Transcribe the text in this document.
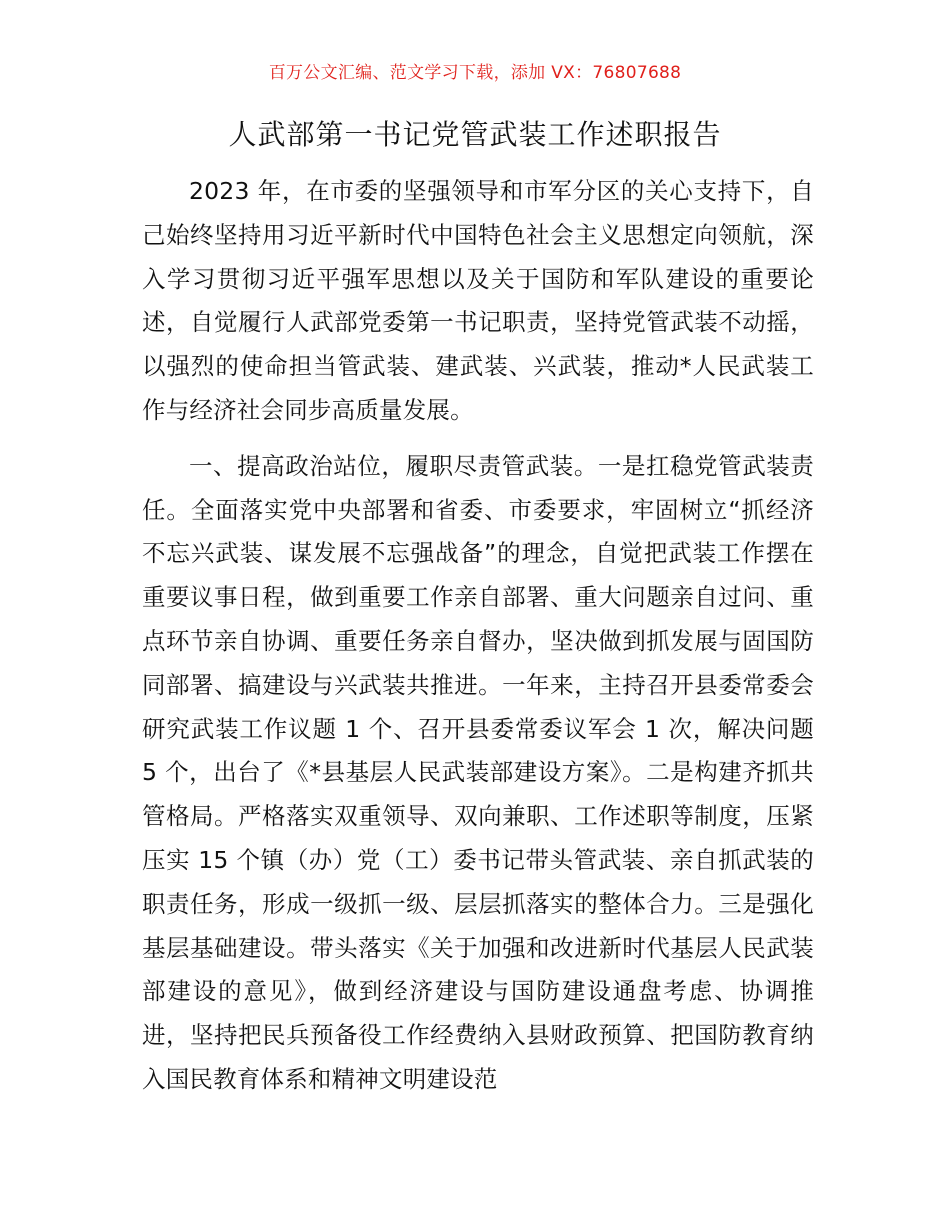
百万公文汇编、范文学习下载，添加 VX：76807688
人武部第一书记党管武装工作述职报告

2023 年，在市委的坚强领导和市军分区的关心支持下，自己始终坚持用习近平新时代中国特色社会主义思想定向领航，深入学习贯彻习近平强军思想以及关于国防和军队建设的重要论述，自觉履行人武部党委第一书记职责，坚持党管武装不动摇，以强烈的使命担当管武装、建武装、兴武装，推动*人民武装工作与经济社会同步高质量发展。

一、提高政治站位，履职尽责管武装。一是扛稳党管武装责任。全面落实党中央部署和省委、市委要求，牢固树立“抓经济不忘兴武装、谋发展不忘强战备”的理念，自觉把武装工作摆在重要议事日程，做到重要工作亲自部署、重大问题亲自过问、重点环节亲自协调、重要任务亲自督办，坚决做到抓发展与固国防同部署、搞建设与兴武装共推进。一年来，主持召开县委常委会研究武装工作议题 1 个、召开县委常委议军会 1 次，解决问题 5 个，出台了《*县基层人民武装部建设方案》。二是构建齐抓共管格局。严格落实双重领导、双向兼职、工作述职等制度，压紧压实 15 个镇（办）党（工）委书记带头管武装、亲自抓武装的职责任务，形成一级抓一级、层层抓落实的整体合力。三是强化基层基础建设。带头落实《关于加强和改进新时代基层人民武装部建设的意见》，做到经济建设与国防建设通盘考虑、协调推进，坚持把民兵预备役工作经费纳入县财政预算、把国防教育纳入国民教育体系和精神文明建设范
